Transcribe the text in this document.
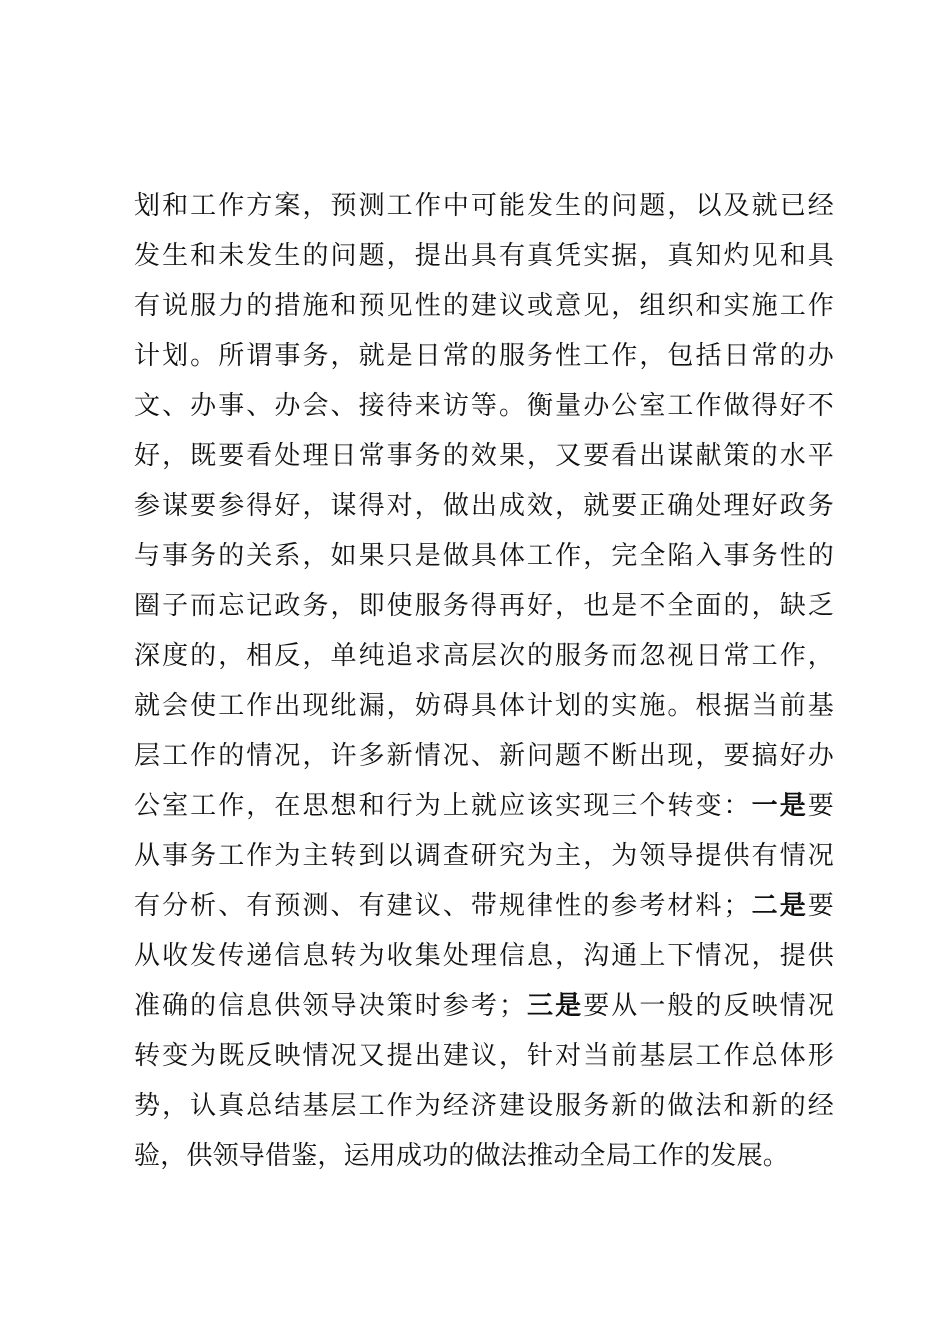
划和工作方案，预测工作中可能发生的问题，以及就已经
发生和未发生的问题，提出具有真凭实据，真知灼见和具
有说服力的措施和预见性的建议或意见，组织和实施工作
计划。所谓事务，就是日常的服务性工作，包括日常的办
文、办事、办会、接待来访等。衡量办公室工作做得好不
好，既要看处理日常事务的效果，又要看出谋献策的水平
参谋要参得好，谋得对，做出成效，就要正确处理好政务
与事务的关系，如果只是做具体工作，完全陷入事务性的
圈子而忘记政务，即使服务得再好，也是不全面的，缺乏
深度的，相反，单纯追求高层次的服务而忽视日常工作，
就会使工作出现纰漏，妨碍具体计划的实施。根据当前基
层工作的情况，许多新情况、新问题不断出现，要搞好办
公室工作，在思想和行为上就应该实现三个转变：一是要
从事务工作为主转到以调查研究为主，为领导提供有情况
有分析、有预测、有建议、带规律性的参考材料；二是要
从收发传递信息转为收集处理信息，沟通上下情况，提供
准确的信息供领导决策时参考；三是要从一般的反映情况
转变为既反映情况又提出建议，针对当前基层工作总体形
势，认真总结基层工作为经济建设服务新的做法和新的经
验，供领导借鉴，运用成功的做法推动全局工作的发展。
